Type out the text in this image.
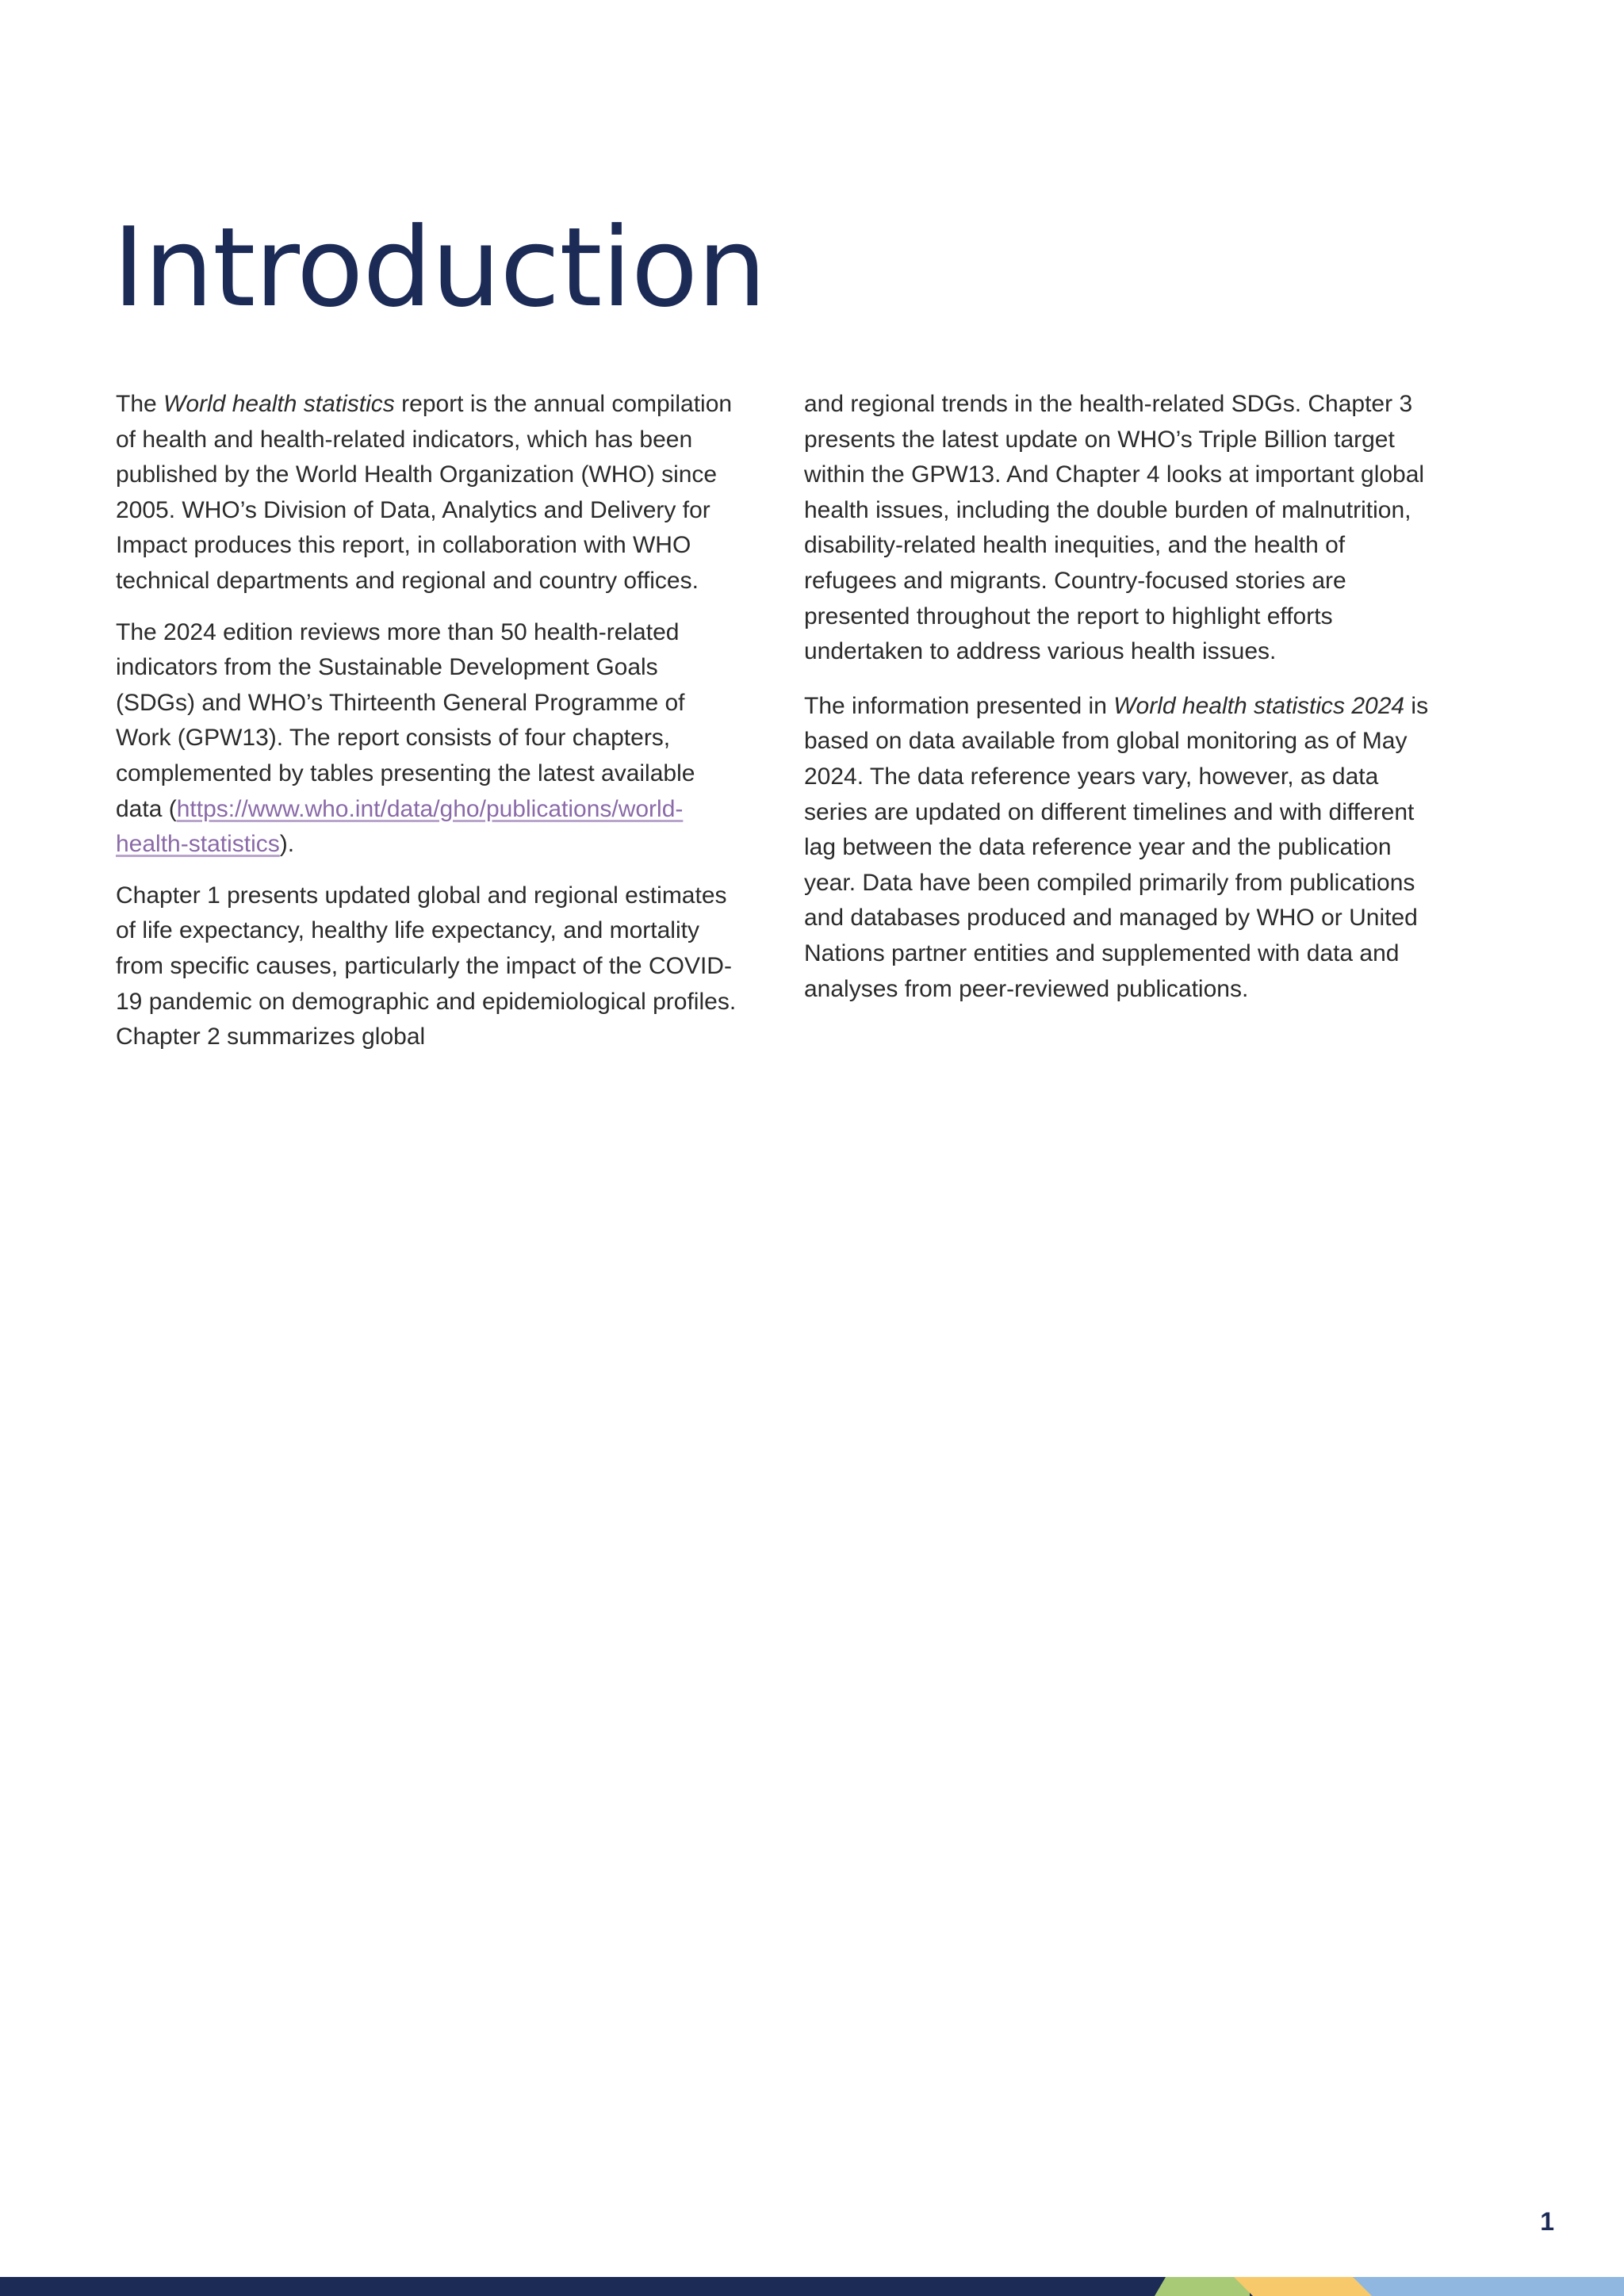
Introduction

The World health statistics report is the annual compilation of health and health-related indicators, which has been published by the World Health Organization (WHO) since 2005. WHO’s Division of Data, Analytics and Delivery for Impact produces this report, in collaboration with WHO technical departments and regional and country offices.

The 2024 edition reviews more than 50 health-related indicators from the Sustainable Development Goals (SDGs) and WHO’s Thirteenth General Programme of Work (GPW13). The report consists of four chapters, complemented by tables presenting the latest available data (https://www.who.int/data/gho/publications/world-health-statistics).

Chapter 1 presents updated global and regional estimates of life expectancy, healthy life expectancy, and mortality from specific causes, particularly the impact of the COVID-19 pandemic on demographic and epidemiological profiles. Chapter 2 summarizes global

and regional trends in the health-related SDGs. Chapter 3 presents the latest update on WHO’s Triple Billion target within the GPW13. And Chapter 4 looks at important global health issues, including the double burden of malnutrition, disability-related health inequities, and the health of refugees and migrants. Country-focused stories are presented throughout the report to highlight efforts undertaken to address various health issues.

The information presented in World health statistics 2024 is based on data available from global monitoring as of May 2024. The data reference years vary, however, as data series are updated on different timelines and with different lag between the data reference year and the publication year. Data have been compiled primarily from publications and databases produced and managed by WHO or United Nations partner entities and supplemented with data and analyses from peer-reviewed publications.

1
